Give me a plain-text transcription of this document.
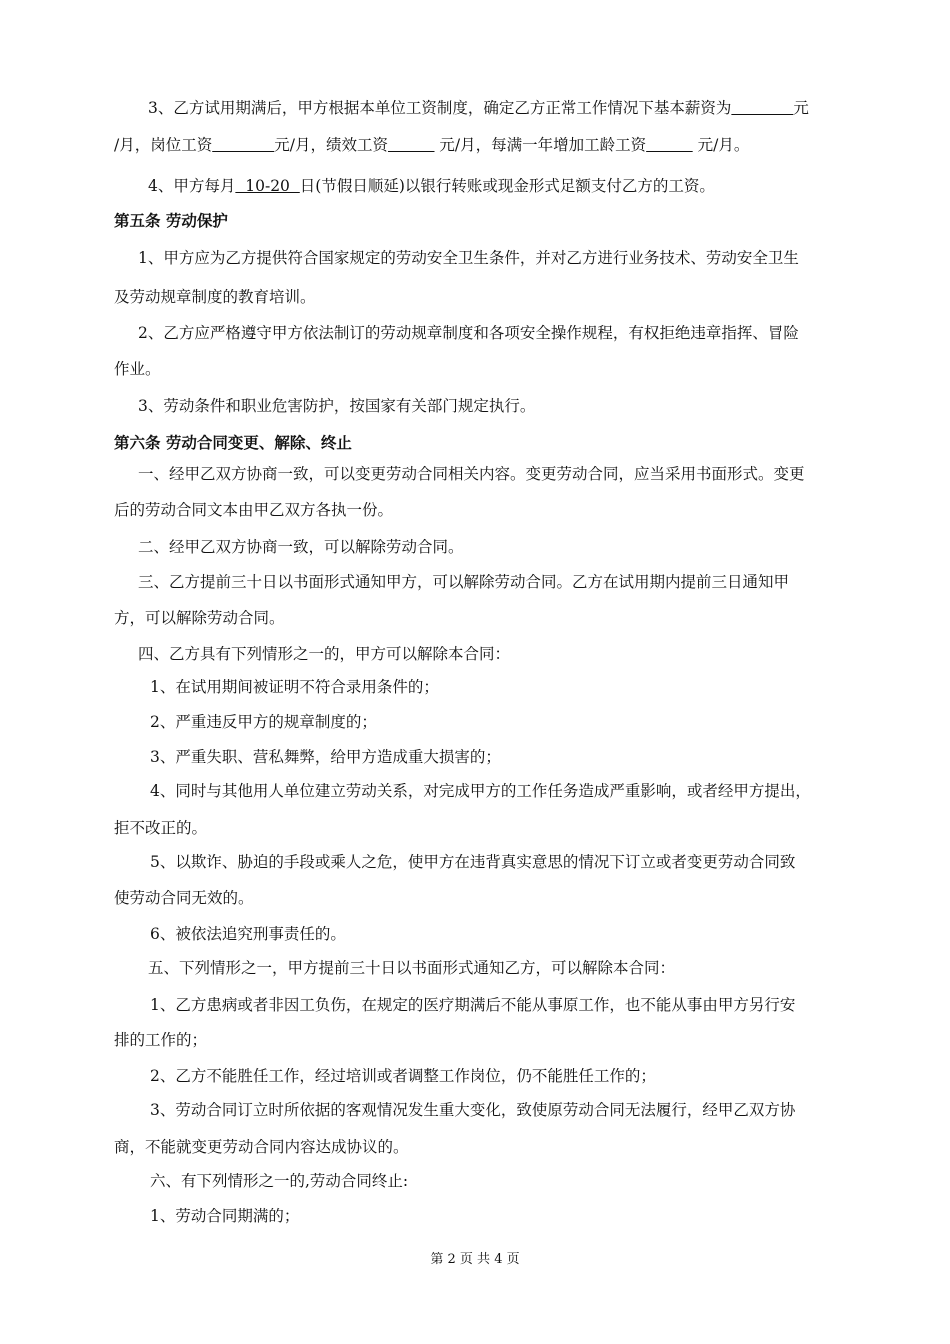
3、乙方试用期满后，甲方根据本单位工资制度，确定乙方正常工作情况下基本薪资为　　　　	元
/月，岗位工资　　　　	元/月，绩效工资　　　	元/月，每满一年增加工龄工资　　　	元/月。
4、甲方每月  10-20  日(节假日顺延)以银行转账或现金形式足额支付乙方的工资。
第五条 劳动保护
1、甲方应为乙方提供符合国家规定的劳动安全卫生条件，并对乙方进行业务技术、劳动安全卫生
及劳动规章制度的教育培训。
2、乙方应严格遵守甲方依法制订的劳动规章制度和各项安全操作规程，有权拒绝违章指挥、冒险
作业。
3、劳动条件和职业危害防护，按国家有关部门规定执行。
第六条 劳动合同变更、解除、终止
一、经甲乙双方协商一致，可以变更劳动合同相关内容。变更劳动合同，应当采用书面形式。变更
后的劳动合同文本由甲乙双方各执一份。
二、经甲乙双方协商一致，可以解除劳动合同。
三、乙方提前三十日以书面形式通知甲方，可以解除劳动合同。乙方在试用期内提前三日通知甲
方，可以解除劳动合同。
四、乙方具有下列情形之一的，甲方可以解除本合同：
1、在试用期间被证明不符合录用条件的；
2、严重违反甲方的规章制度的；
3、严重失职、营私舞弊，给甲方造成重大损害的；
4、同时与其他用人单位建立劳动关系，对完成甲方的工作任务造成严重影响，或者经甲方提出，
拒不改正的。
5、以欺诈、胁迫的手段或乘人之危，使甲方在违背真实意思的情况下订立或者变更劳动合同致
使劳动合同无效的。
6、被依法追究刑事责任的。
五、下列情形之一，甲方提前三十日以书面形式通知乙方，可以解除本合同：
1、乙方患病或者非因工负伤，在规定的医疗期满后不能从事原工作，也不能从事由甲方另行安
排的工作的；
2、乙方不能胜任工作，经过培训或者调整工作岗位，仍不能胜任工作的；
3、劳动合同订立时所依据的客观情况发生重大变化，致使原劳动合同无法履行，经甲乙双方协
商，不能就变更劳动合同内容达成协议的。
六、有下列情形之一的,劳动合同终止:
1、劳动合同期满的；
第 2 页 共 4 页
